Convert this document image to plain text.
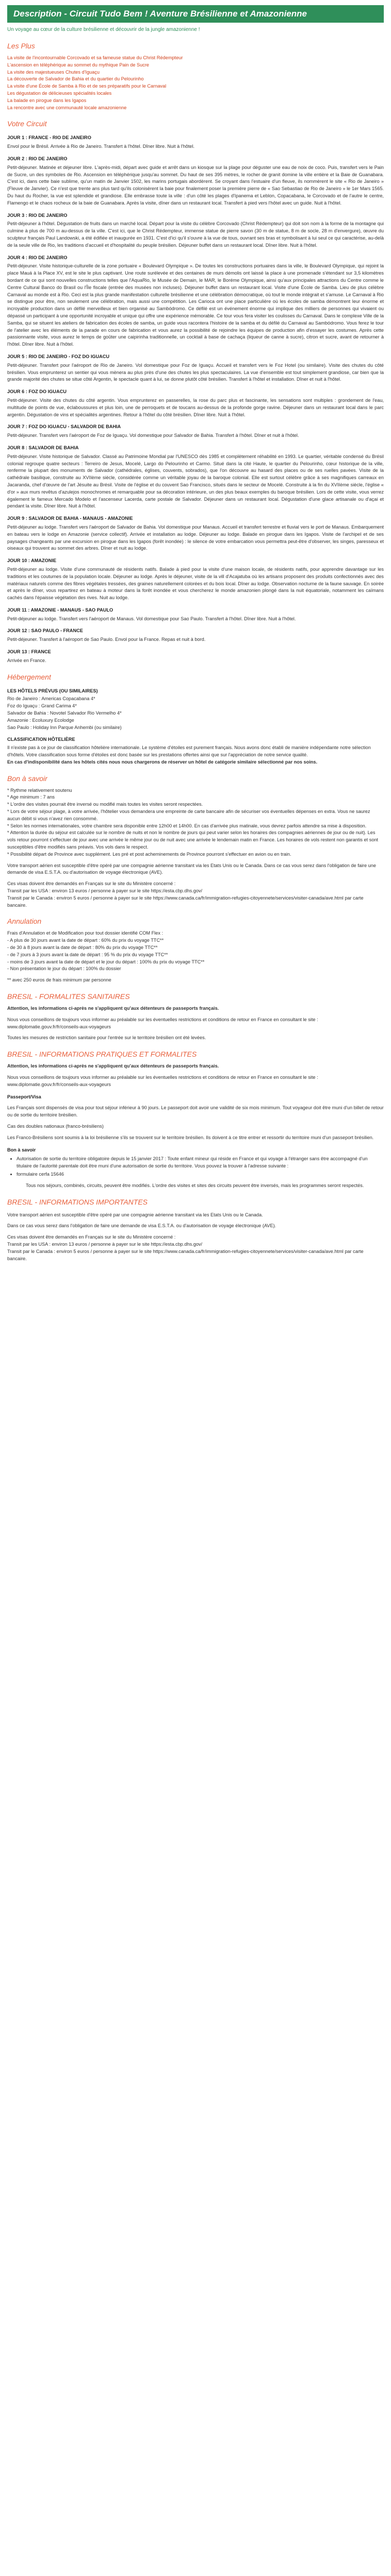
Description - Circuit Tudo Bem ! Aventure Brésilienne et Amazonienne
Un voyage au cœur de la culture brésilienne et découvrir de la jungle amazonienne !
Les Plus
La visite de l'incontournable Corcovado et sa fameuse statue du Christ Rédempteur
L'ascension en téléphérique au sommet du mythique Pain de Sucre
La visite des majestueuses Chutes d'Iguaçu
La découverte de Salvador de Bahia et du quartier du Pelourinho
La visite d'une École de Samba à Rio et de ses préparatifs pour le Carnaval
Les dégustation de délicieuses spécialités locales
La balade en pirogue dans les Igapos
La rencontre avec une communauté locale amazonienne
Votre Circuit
JOUR 1 : FRANCE - RIO DE JANEIRO

Envol pour le Brésil. Arrivée à Rio de Janeiro. Transfert à l'hôtel. Dîner libre. Nuit à l'hôtel.

JOUR 2 : RIO DE JANEIRO

Petit-déjeuner. Matinée et déjeuner libre. L'après-midi, départ avec guide et arrêt dans un kiosque sur la plage pour déguster une eau de noix de coco. Puis, transfert vers le Pain de Sucre, un des symboles de Rio. Ascension en téléphérique jusqu'au sommet. Du haut de ses 395 mètres, le rocher de granit domine la ville entière et la Baie de Guanabara. C'est ici, dans cette baie sublime, qu'un matin de Janvier 1502, les marins portugais abordèrent. Se croyant dans l'estuaire d'un fleuve, ils nommèrent le site « Rio de Janeiro » (Fleuve de Janvier). Ce n'est que trente ans plus tard qu'ils colonisèrent la baie pour finalement poser la première pierre de « Sao Sebastiao de Rio de Janeiro » le 1er Mars 1565. Du haut du Rocher, la vue est splendide et grandiose. Elle embrasse toute la ville : d'un côté les plages d'Ipanema et Leblon, Copacabana, le Corcovado et de l'autre le centre, Flamengo et le chaos rocheux de la baie de Guanabara. Après la visite, dîner dans un restaurant local. Transfert à pied vers l'hôtel avec un guide. Nuit à l'hôtel.

JOUR 3 : RIO DE JANEIRO

Petit-déjeuner à l'hôtel. Dégustation de fruits dans un marché local. Départ pour la visite du célèbre Corcovado (Christ Rédempteur) qui doit son nom à la forme de la montagne qui culmine à plus de 700 m au-dessus de la ville. C'est ici, que le Christ Rédempteur, immense statue de pierre savon (30 m de statue, 8 m de socle, 28 m d'envergure), œuvre du sculpteur français Paul Landowski, a été édifiée et inaugurée en 1931. C'est d'ici qu'il s'ouvre à la vue de tous, ouvrant ses bras et symbolisant à lui seul ce qui caractérise, au-delà de la seule ville de Rio, les traditions d'accueil et d'hospitalité du peuple brésilien. Déjeuner buffet dans un restaurant local. Dîner libre. Nuit à l'hôtel.

JOUR 4 : RIO DE JANEIRO

Petit-déjeuner. Visite historique-culturelle de la zone portuaire « Boulevard Olympique ». De toutes les constructions portuaires dans la ville, le Boulevard Olympique, qui rejoint la place Mauá à la Place XV, est le site le plus captivant. Une route surélevée et des centaines de murs démolis ont laissé la place à une promenade s'étendant sur 3,5 kilomètres bordant de ce qui sont nouvelles constructions telles que l'AquaRio, le Musée de Demain, le MAR, le Boréme Olympique, ainsi qu'aux principales attractions du Centre comme le Centre Cultural Banco do Brasil ou l'Île fiscale (entrée des musées non incluses). Déjeuner buffet dans un restaurant local. Visite d'une École de Samba. Lieu de plus célèbre Carnaval au monde est à Rio. Ceci est la plus grande manifestation culturelle brésilienne et une célébration démocratique, où tout le monde intègrait et s'amuse. Le Carnaval à Rio se distingue pour être, non seulement une célébration, mais aussi une compétition. Les Carioca ont une place particulière où les écoles de samba démontrent leur énorme et incroyable production dans un défilé merveilleux et bien organisé au Sambódromo. Ce défilé est un événement énorme qui implique des milliers de personnes qui vivaient ou dépassé un participant à une opportunité incroyable et unique qui offre une expérience mémorable. Ce tour vous fera visiter les coulisses du Carnaval. Dans le complexe Ville de la Samba, qui se situent les ateliers de fabrication des écoles de samba, un guide vous racontera l'histoire de la samba et du défilé du Carnaval au Sambódromo. Vous ferez le tour de l'atelier avec les éléments de la parade en cours de fabrication et vous aurez la possibilité de rejoindre les équipes de production afin d'essayer les costumes. Après cette passionnante visite, vous aurez le temps de goûter une caipirinha traditionnelle, un cocktail à base de cachaça (liqueur de canne à sucre), citron et sucre, avant de retourner à l'hôtel. Dîner libre. Nuit à l'hôtel.

JOUR 5 : RIO DE JANEIRO - FOZ DO IGUACU

Petit-déjeuner. Transfert pour l'aéroport de Rio de Janeiro. Vol domestique pour Foz de Iguaçu. Accueil et transfert vers le Foz Hotel (ou similaire). Visite des chutes du côté brésilien. Vous emprunterez un sentier qui vous mènera au plus près d'une des chutes les plus spectaculaires. La vue d'ensemble est tout simplement grandiose, car bien que la grande majorité des chutes se situe côté Argentin, le spectacle quant à lui, se donne plutôt côté brésilien. Transfert à l'hôtel et installation. Dîner et nuit à l'hôtel.

JOUR 6 : FOZ DO IGUACU

Petit-déjeuner. Visite des chutes du côté argentin. Vous emprunterez en passerelles, la rose du parc plus et fascinante, les sensations sont multiples : grondement de l'eau, multitude de points de vue, éclaboussures et plus loin, une de perroquets et de toucans au-dessus de la profonde gorge ravine. Déjeuner dans un restaurant local dans le parc argentin. Dégustation de vins et spécialités argentines. Retour à l'hôtel du côté brésilien. Dîner libre. Nuit à l'hôtel.

JOUR 7 : FOZ DO IGUACU - SALVADOR DE BAHIA

Petit-déjeuner. Transfert vers l'aéroport de Foz de Iguaçu. Vol domestique pour Salvador de Bahia. Transfert à l'hôtel. Dîner et nuit à l'hôtel.

JOUR 8 : SALVADOR DE BAHIA

Petit-déjeuner. Visite historique de Salvador. Classé au Patrimoine Mondial par l'UNESCO dès 1985 et complètement réhabilité en 1993. Le quartier, véritable condensé du Brésil colonial regroupe quatre secteurs : Terreiro de Jesus, Mocelé, Largo do Pelourinho et Carmo. Situé dans la cité Haute, le quartier du Pelourinho, cœur historique de la ville, renferme la plupart des monuments de Salvador (cathédrales, églises, couvents, sobrados), que l'on découvre au hasard des places ou de ses ruelles pavées. Visite de la cathédrale basilique, construite au XVIIème siècle, considérée comme un véritable joyau de la baroque colonial. Elle est surtout célèbre grâce à ses magnifiques carreaux en Jacaranda, chef d'œuvre de l'art Jésuite au Brésil. Visite de l'église et du couvent Sao Francisco, situés dans le secteur de Mocelé. Construite à la fin du XVIIème siècle, l'église « d'or » aux murs revêtus d'azulejos monochromes et remarquable pour sa décoration intérieure, un des plus beaux exemples du baroque brésilien. Lors de cette visite, vous verrez également le fameux Mercado Modelo et l'ascenseur Lacerda, carte postale de Salvador. Déjeuner dans un restaurant local. Dégustation d'une glace artisanale ou d'açai et pendant la visite. Dîner libre. Nuit à l'hôtel.

JOUR 9 : SALVADOR DE BAHIA - MANAUS - AMAZONIE

Petit-déjeuner au lodge. Transfert vers l'aéroport de Salvador de Bahia. Vol domestique pour Manaus. Accueil et transfert terrestre et fluvial vers le port de Manaus. Embarquement en bateau vers le lodge en Amazonie (service collectif). Arrivée et installation au lodge. Déjeuner au lodge. Balade en pirogue dans les Igapos. Visite de l'archipel et de ses paysages changeants par une excursion en pirogue dans les Igapos (forêt inondée) : le silence de votre embarcation vous permettra peut-être d'observer, les singes, paresseux et oiseaux qui trouvent au sommet des arbres. Dîner et nuit au lodge.

JOUR 10 : AMAZONIE

Petit-déjeuner au lodge. Visite d'une communauté de résidents natifs. Balade à pied pour la visite d'une maison locale, de résidents natifs, pour apprendre davantage sur les traditions et les coutumes de la population locale. Déjeuner au lodge. Après le déjeuner, visite de la vill d'Acajatuba où les artisans proposent des produits confectionnés avec des matériaux naturels comme des fibres végétales tressées, des graines naturellement colorées et du bois local. Dîner au lodge. Observation nocturne de la faune sauvage. En soirée et après le dîner, vous repartirez en bateau à moteur dans la forêt inondée et vous chercherez le monde amazonien plongé dans la nuit équatoriale, notamment les caïmans cachés dans l'épaisse végétation des rives. Nuit au lodge.

JOUR 11 : AMAZONIE - MANAUS - SAO PAULO

Petit-déjeuner au lodge. Transfert vers l'aéroport de Manaus. Vol domestique pour Sao Paulo. Transfert à l'hôtel. Dîner libre. Nuit à l'hôtel.

JOUR 12 : SAO PAULO - FRANCE

Petit-déjeuner. Transfert à l'aéroport de Sao Paulo. Envol pour la France. Repas et nuit à bord.

JOUR 13 : FRANCE

Arrivée en France.

Hébergement
LES HÔTELS PRÉVUS (OU SIMILAIRES)
Rio de Janeiro : Americas Copacabana 4*
Foz do Iguaçu : Grand Carima 4*
Salvador de Bahia : Novotel Salvador Rio Vermelho 4*
Amazonie : Ecoluxury Ecolodge
Sao Paulo : Holiday Inn Parque Anhembi (ou similaire)
CLASSIFICATION HÔTELIÈRE

Il n'existe pas à ce jour de classification hôtelière internationale. Le système d'étoiles est purement français. Nous avons donc établi de manière indépendante notre sélection d'hôtels. Votre classification sous forme d'étoiles est donc basée sur les prestations offertes ainsi que sur l'appréciation de notre service qualité.

En cas d'indisponibilité dans les hôtels cités nous nous chargerons de réserver un hôtel de catégorie similaire sélectionné par nos soins.

Bon à savoir
* Rythme relativement soutenu
* Age minimum : 7 ans
* L'ordre des visites pourrait être inversé ou modifié mais toutes les visites seront respectées.
* Lors de votre séjour plage, à votre arrivée, l'hôtelier vous demandera une empreinte de carte bancaire afin de sécuriser vos éventuelles dépenses en extra. Vous ne saurez aucun débit si vous n'avez rien consommé.
* Selon les normes internationales, votre chambre sera disponible entre 12h00 et 14h00. En cas d'arrivée plus matinale, vous devrez parfois attendre sa mise à disposition.
* Attention la durée du séjour est calculée sur le nombre de nuits et non le nombre de jours qui peut varier selon les horaires des compagnies aériennes de jour ou de nuit). Les vols retour pourront s'effectuer de jour avec une arrivée le même jour ou de nuit avec une arrivée le lendemain matin en France. Les horaires de vols restent non garantis et sont susceptibles d'être modifiés sans préavis. Vos vols dans le respect.
* Possibilité départ de Province avec supplément. Les pré et post acheminements de Province pourront s'effectuer en avion ou en train.

Votre transport aérien est susceptible d'être opéré par une compagnie aérienne transitant via les Etats Unis ou le Canada. Dans ce cas vous serez dans l'obligation de faire une demande de visa E.S.T.A. ou d'autorisation de voyage électronique (AVE).

Ces visas doivent être demandés en Français sur le site du Ministère concerné :

Transit par les USA : environ 13 euros / personne à payer sur le site https://esta.cbp.dhs.gov/
Transit par le Canada : environ 5 euros / personne à payer sur le site https://www.canada.ca/fr/immigration-refugies-citoyennete/services/visiter-canada/ave.html par carte bancaire.
Annulation

Frais d'Annulation et de Modification pour tout dossier identifié COM Flex :

- A plus de 30 jours avant la date de départ : 60% du prix du voyage TTC**
- de 30 à 8 jours avant la date de départ : 80% du prix du voyage TTC**
- de 7 jours à 3 jours avant la date de départ : 95 % du prix du voyage TTC**
- moins de 3 jours avant la date de départ et le jour du départ : 100% du prix du voyage TTC**
- Non présentation le jour du départ : 100% du dossier

** avec 250 euros de frais minimum par personne

BRESIL - FORMALITES SANITAIRES

Attention, les informations ci-après ne s'appliquent qu'aux détenteurs de passeports français.

Nous vous conseillons de toujours vous informer au préalable sur les éventuelles restrictions et conditions de retour en France en consultant le site : www.diplomatie.gouv.fr/fr/conseils-aux-voyageurs

Toutes les mesures de restriction sanitaire pour l'entrée sur le territoire brésilien ont été levées.

BRESIL - INFORMATIONS PRATIQUES ET FORMALITES

Attention, les informations ci-après ne s'appliquent qu'aux détenteurs de passeports français.

Nous vous conseillons de toujours vous informer au préalable sur les éventuelles restrictions et conditions de retour en France en consultant le site : www.diplomatie.gouv.fr/fr/conseils-aux-voyageurs

Passeport/Visa

Les Français sont dispensés de visa pour tout séjour inférieur à 90 jours. Le passeport doit avoir une validité de six mois minimum. Tout voyageur doit être muni d'un billet de retour ou de sortie du territoire brésilien.

Cas des doubles nationaux (franco-brésiliens)

Les Franco-Brésiliens sont soumis à la loi brésilienne s'ils se trouvent sur le territoire brésilien. Ils doivent à ce titre entrer et ressortir du territoire muni d'un passeport brésilien.

Bon à savoir
• Autorisation de sortie du territoire obligatoire depuis le 15 janvier 2017 : Toute enfant mineur qui réside en France et qui voyage à l'étranger sans être accompagné d'un titulaire de l'autorité parentale doit être muni d'une autorisation de sortie du territoire. Vous pouvez la trouver à l'adresse suivante :
• formulaire cerfa 15646

Tous nos séjours, combinés, circuits, peuvent être modifiés. L'ordre des visites et sites des circuits peuvent être inversés, mais les programmes seront respectés.

BRESIL - INFORMATIONS IMPORTANTES

Votre transport aérien est susceptible d'être opéré par une compagnie aérienne transitant via les Etats Unis ou le Canada.

Dans ce cas vous serez dans l'obligation de faire une demande de visa E.S.T.A. ou d'autorisation de voyage électronique (AVE).

Ces visas doivent être demandés en Français sur le site du Ministère concerné :

Transit par les USA : environ 13 euros / personne à payer sur le site https://esta.cbp.dhs.gov/
Transit par le Canada : environ 5 euros / personne à payer sur le site https://www.canada.ca/fr/immigration-refugies-citoyennete/services/visiter-canada/ave.html par carte bancaire.
